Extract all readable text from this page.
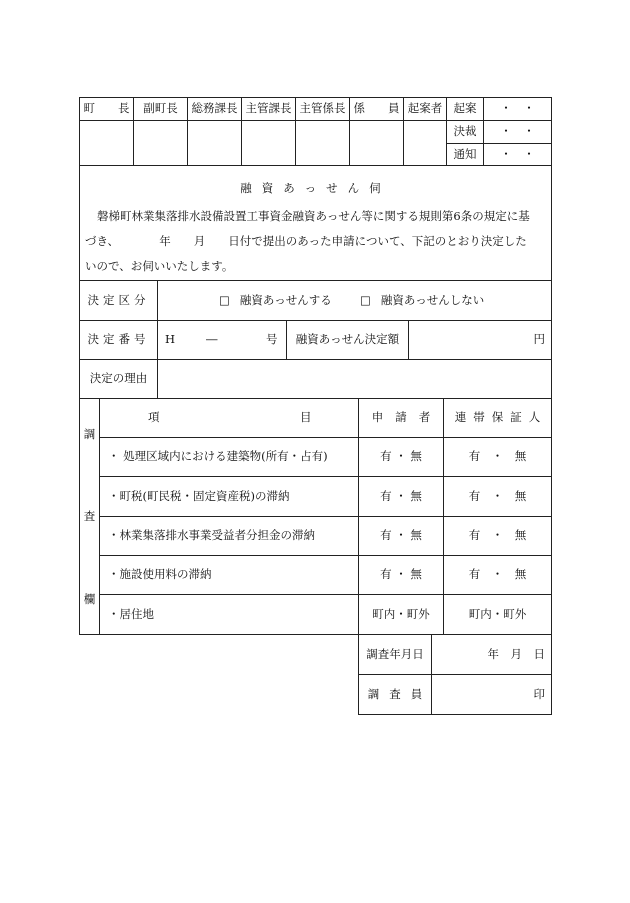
町　　長	副町長	総務課長 主管課長 主管係長 係　　員 起案者 起案	・　・
決裁	・　・
通知	・　・
融資あっせん伺
磐梯町林業集落排水設備設置工事資金融資あっせん等に関する規則第6条の規定に基
づき、　　　　年　　月　　日付で提出のあった申請について、下記のとおり決定した
いので、お伺いいたします。
決定区分	□ 融資あっせんする □ 融資あっせんしない
決定番号	H	―	号	融資あっせん決定額	円
決定の理由
調
査
欄
項	目	申請者	連帯保証人
・ 処理区域内における建築物(所有・占有)	有 ・ 無	有　・　無
・町税(町民税・固定資産税)の滞納	有 ・ 無	有　・　無
・林業集落排水事業受益者分担金の滞納	有 ・ 無	有　・　無
・施設使用料の滞納	有 ・ 無	有　・　無
・居住地	町内・町外	町内・町外
調査年月日	年　月　日
調査員	印
